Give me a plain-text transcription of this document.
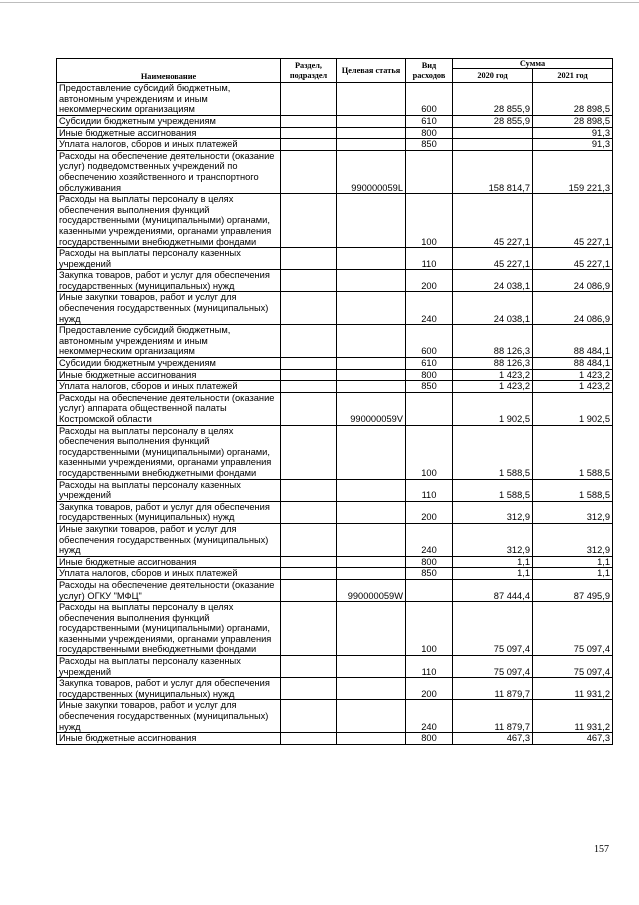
Наименование	Раздел, подраздел	Целевая статья	Вид расходов	Сумма	
				2020 год	2021 год
Предоставление субсидий бюджетным, автономным учреждениям и иным некоммерческим организациям			600	28 855,9	28 898,5
Субсидии бюджетным учреждениям			610	28 855,9	28 898,5
Иные бюджетные ассигнования			800		91,3
Уплата налогов, сборов и иных платежей			850		91,3
Расходы на обеспечение деятельности (оказание услуг) подведомственных учреждений по обеспечению хозяйственного и транспортного обслуживания		990000059L		158 814,7	159 221,3
Расходы на выплаты персоналу в целях обеспечения выполнения функций государственными (муниципальными) органами, казенными учреждениями, органами управления государственными внебюджетными фондами			100	45 227,1	45 227,1
Расходы на выплаты персоналу казенных учреждений			110	45 227,1	45 227,1
Закупка товаров, работ и услуг для обеспечения государственных (муниципальных) нужд			200	24 038,1	24 086,9
Иные закупки товаров, работ и услуг для обеспечения государственных (муниципальных) нужд			240	24 038,1	24 086,9
Предоставление субсидий бюджетным, автономным учреждениям и иным некоммерческим организациям			600	88 126,3	88 484,1
Субсидии бюджетным учреждениям			610	88 126,3	88 484,1
Иные бюджетные ассигнования			800	1 423,2	1 423,2
Уплата налогов, сборов и иных платежей			850	1 423,2	1 423,2
Расходы на обеспечение деятельности (оказание услуг) аппарата общественной палаты Костромской области		990000059V		1 902,5	1 902,5
Расходы на выплаты персоналу в целях обеспечения выполнения функций государственными (муниципальными) органами, казенными учреждениями, органами управления государственными внебюджетными фондами			100	1 588,5	1 588,5
Расходы на выплаты персоналу казенных учреждений			110	1 588,5	1 588,5
Закупка товаров, работ и услуг для обеспечения государственных (муниципальных) нужд			200	312,9	312,9
Иные закупки товаров, работ и услуг для обеспечения государственных (муниципальных) нужд			240	312,9	312,9
Иные бюджетные ассигнования			800	1,1	1,1
Уплата налогов, сборов и иных платежей			850	1,1	1,1
Расходы на обеспечение деятельности (оказание услуг) ОГКУ "МФЦ"		990000059W		87 444,4	87 495,9
Расходы на выплаты персоналу в целях обеспечения выполнения функций государственными (муниципальными) органами, казенными учреждениями, органами управления государственными внебюджетными фондами			100	75 097,4	75 097,4
Расходы на выплаты персоналу казенных учреждений			110	75 097,4	75 097,4
Закупка товаров, работ и услуг для обеспечения государственных (муниципальных) нужд			200	11 879,7	11 931,2
Иные закупки товаров, работ и услуг для обеспечения государственных (муниципальных) нужд			240	11 879,7	11 931,2
Иные бюджетные ассигнования			800	467,3	467,3
157
